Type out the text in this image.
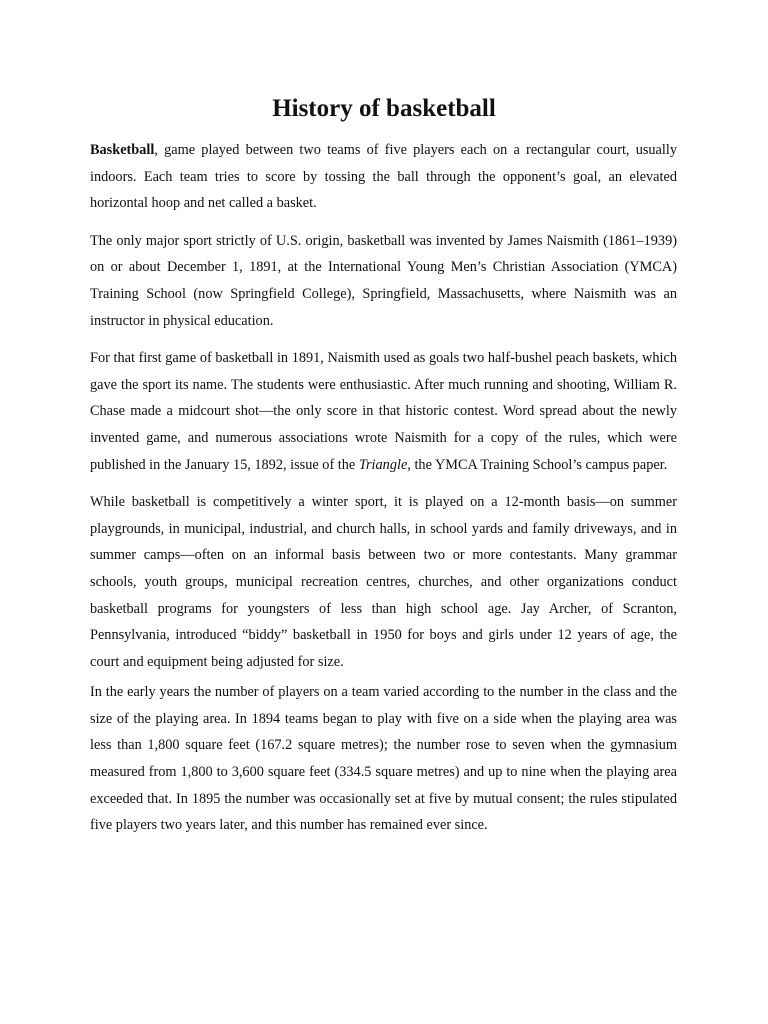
History of basketball

Basketball, game played between two teams of five players each on a rectangular court, usually indoors. Each team tries to score by tossing the ball through the opponent’s goal, an elevated horizontal hoop and net called a basket.

The only major sport strictly of U.S. origin, basketball was invented by James Naismith (1861–1939) on or about December 1, 1891, at the International Young Men’s Christian Association (YMCA) Training School (now Springfield College), Springfield, Massachusetts, where Naismith was an instructor in physical education.

For that first game of basketball in 1891, Naismith used as goals two half-bushel peach baskets, which gave the sport its name. The students were enthusiastic. After much running and shooting, William R. Chase made a midcourt shot—the only score in that historic contest. Word spread about the newly invented game, and numerous associations wrote Naismith for a copy of the rules, which were published in the January 15, 1892, issue of the Triangle, the YMCA Training School’s campus paper.

While basketball is competitively a winter sport, it is played on a 12-month basis—on summer playgrounds, in municipal, industrial, and church halls, in school yards and family driveways, and in summer camps—often on an informal basis between two or more contestants. Many grammar schools, youth groups, municipal recreation centres, churches, and other organizations conduct basketball programs for youngsters of less than high school age. Jay Archer, of Scranton, Pennsylvania, introduced “biddy” basketball in 1950 for boys and girls under 12 years of age, the court and equipment being adjusted for size.

In the early years the number of players on a team varied according to the number in the class and the size of the playing area. In 1894 teams began to play with five on a side when the playing area was less than 1,800 square feet (167.2 square metres); the number rose to seven when the gymnasium measured from 1,800 to 3,600 square feet (334.5 square metres) and up to nine when the playing area exceeded that. In 1895 the number was occasionally set at five by mutual consent; the rules stipulated five players two years later, and this number has remained ever since.
